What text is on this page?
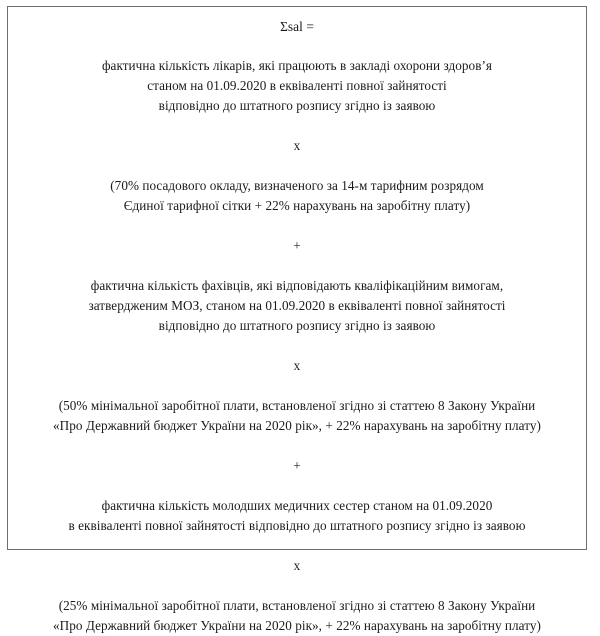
Σsal =
фактична кількість лікарів, які працюють в закладі охорони здоров’я
станом на 01.09.2020 в еквіваленті повної зайнятості
відповідно до штатного розпису згідно із заявою
x
(70% посадового окладу, визначеного за 14-м тарифним розрядом
Єдиної тарифної сітки + 22% нарахувань на заробітну плату)
+
фактична кількість фахівців, які відповідають кваліфікаційним вимогам,
затвердженим МОЗ, станом на 01.09.2020 в еквіваленті повної зайнятості
відповідно до штатного розпису згідно із заявою
x
(50% мінімальної заробітної плати, встановленої згідно зі статтею 8 Закону України
«Про Державний бюджет України на 2020 рік», + 22% нарахувань на заробітну плату)
+
фактична кількість молодших медичних сестер станом на 01.09.2020
в еквіваленті повної зайнятості відповідно до штатного розпису згідно із заявою
x
(25% мінімальної заробітної плати, встановленої згідно зі статтею 8 Закону України
«Про Державний бюджет України на 2020 рік», + 22% нарахувань на заробітну плату)
